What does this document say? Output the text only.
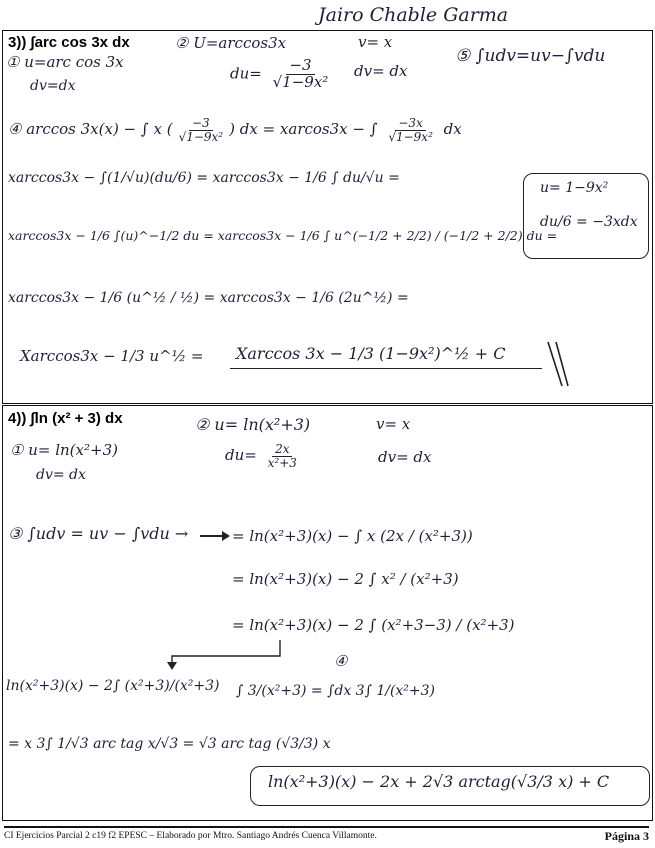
Jairo Chable Garma
3)) ∫arc cos 3x dx
① u=arc cos 3x
dv=dx
② U=arccos3x	v= x
$du= \frac{-3}{\text{√1−9x²}} dv=$ dx
⑤ ∫udv=uv−∫vdu
④ arccos 3x(x) − ∫ x ( $\frac{-3}{\text{√1−9x²}}$ ) dx = xarcos3x − ∫ $\frac{-3x}{\text{√1−9x²}}$ dx
xarccos3x − ∫(1/√u)(du/6) = xarccos3x − 1/6 ∫ du/√u =
xarccos3x − 1/6 ∫(u)^−1/2 du = xarccos3x − 1/6 ∫ u^(−1/2 + 2/2) / (−1/2 + 2/2) du =
xarccos3x − 1/6 (u^½ / ½) = xarccos3x − 1/6 (2u^½) =
Xarccos3x − 1/3 u^½ = Xarccos 3x − 1/3 (1−9x²)^½ + C
u= 1−9x²
du/6 = −3xdx
4)) ∫ln (x² + 3) dx
① u= ln(x²+3)
dv= dx
② u= ln(x²+3)	v= x
$du= \frac{2x}{\text{x²+3}}$	dv= dx
③ ∫udv = uv − ∫vdu →	= ln(x²+3)(x) − ∫ x (2x / (x²+3))
= ln(x²+3)(x) − 2 ∫ x² / (x²+3)
= ln(x²+3)(x) − 2 ∫ (x²+3−3) / (x²+3)
④
ln(x²+3)(x) − 2∫ (x²+3)/(x²+3) ∫ 3/(x²+3) = ∫dx 3∫ 1/(x²+3)
= x 3∫ 1/√3 arc tag x/√3 = √3 arc tag (√3/3) x
ln(x²+3)(x) − 2x + 2√3 arctag(√3/3 x) + C
CI Ejercicios Parcial 2 c19 f2 EPESC – Elaborado por Mtro. Santiago Andrés Cuenca Villamonte.	Página 3
